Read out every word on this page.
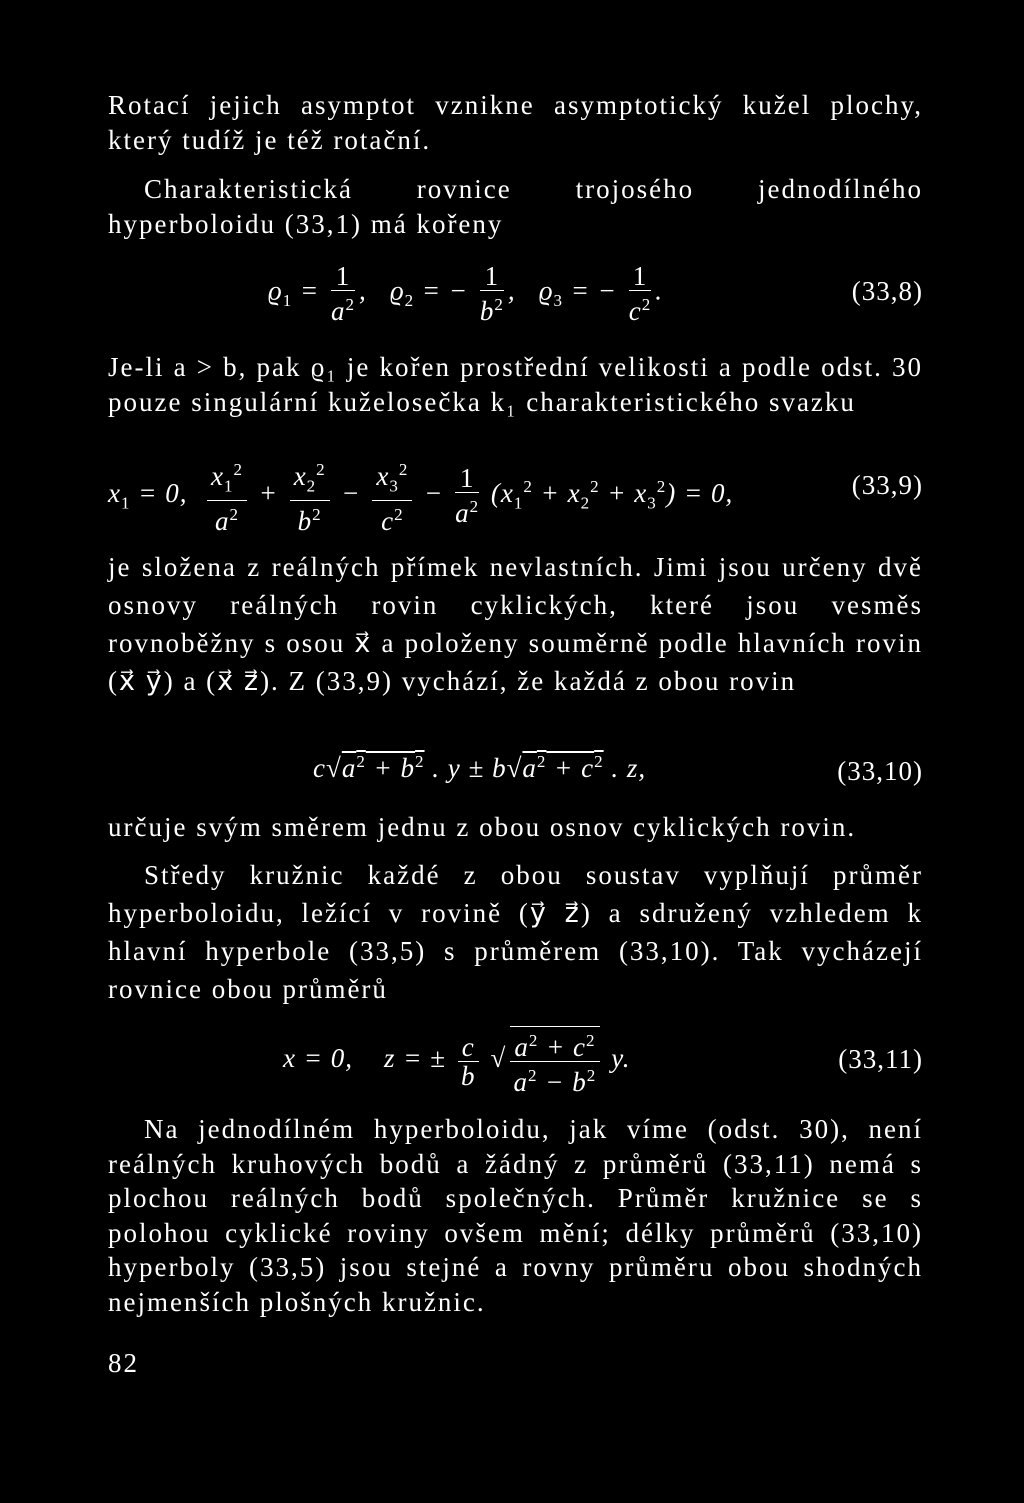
Rotací jejich asymptot vznikne asymptotický kužel plochy, který tudíž je též rotační.

Charakteristická rovnice trojosého jednodílného hyperboloidu (33,1) má kořeny

$ϱ_1 = \frac{1}{a^2}$ ,   $ϱ_2$ = − $\frac{1}{b^2}$ ,   $ϱ_3$ = − $\frac{1}{c^2}$ .	(33,8)

Je-li a > b, pak ϱ₁ je kořen prostřední velikosti a podle odst. 30 pouze singulární kuželosečka k₁ charakteristického svazku

$x_1 = 0$, $\frac{x_1^2}{a^2} + \frac{x_2^2}{b^2} - \frac{x_3^2}{c^2} - \frac{1}{a^2} (x_1^2 + x_2^2 + x_3^2) = 0$,	(33,9)

je složena z reálných přímek nevlastních. Jimi jsou určeny dvě osnovy reálných rovin cyklických, které jsou vesměs rovnoběžny s osou x⃗ a položeny souměrně podle hlavních rovin (x⃗ y⃗) a (x⃗ z⃗). Z (33,9) vychází, že každá z obou rovin

$c√a^2 + b^2$ . $y \pm b√a^2 + c^2$ . z,	(33,10)

určuje svým směrem jednu z obou osnov cyklických rovin.

Středy kružnic každé z obou soustav vyplňují průměr hyperboloidu, ležící v rovině (y⃗ z⃗) a sdružený vzhledem k hlavní hyperbole (33,5) s průměrem (33,10). Tak vycházejí rovnice obou průměrů

x = 0,    z = ± $\frac{c}{b}$ √ $\frac{a^2 + c^2}{a^2 - b^2} y$.	(33,11)

Na jednodílném hyperboloidu, jak víme (odst. 30), není reálných kruhových bodů a žádný z průměrů (33,11) nemá s plochou reálných bodů společných. Průměr kružnice se s polohou cyklické roviny ovšem mění; délky průměrů (33,10) hyperboly (33,5) jsou stejné a rovny průměru obou shodných nejmenších plošných kružnic.

82
